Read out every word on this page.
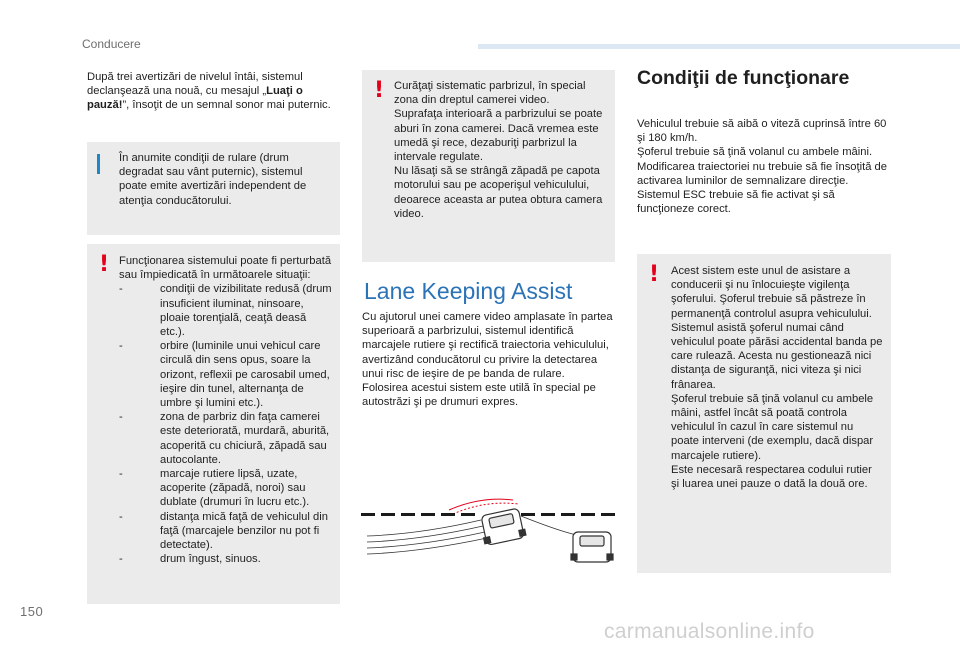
Conducere

După trei avertizări de nivelul întâi, sistemul declanşează una nouă, cu mesajul „Luaţi o pauză!”, însoţit de un semnal sonor mai puternic.

În anumite condiţii de rulare (drum degradat sau vânt puternic), sistemul poate emite avertizări independent de atenţia conducătorului.

! Funcţionarea sistemului poate fi perturbată sau împiedicată în următoarele situaţii:

-	condiţii de vizibilitate redusă (drum insuficient iluminat, ninsoare, ploaie torenţială, ceaţă deasă etc.).
-	orbire (luminile unui vehicul care circulă din sens opus, soare la orizont, reflexii pe carosabil umed, ieşire din tunel, alternanţa de umbre şi lumini etc.).
-	zona de parbriz din faţa camerei este deteriorată, murdară, aburită, acoperită cu chiciură, zăpadă sau autocolante.
-	marcaje rutiere lipsă, uzate, acoperite (zăpadă, noroi) sau dublate (drumuri în lucru etc.).
-	distanţa mică faţă de vehiculul din faţă (marcajele benzilor nu pot fi detectate).
-	drum îngust, sinuos.
! Curăţaţi sistematic parbrizul, în special zona din dreptul camerei video.
Suprafaţa interioară a parbrizului se poate aburi în zona camerei. Dacă vremea este umedă şi rece, dezaburiţi parbrizul la intervale regulate.
Nu lăsaţi să se strângă zăpadă pe capota motorului sau pe acoperişul vehiculului, deoarece aceasta ar putea obtura camera video.

Lane Keeping Assist

Cu ajutorul unei camere video amplasate în partea superioară a parbrizului, sistemul identifică marcajele rutiere şi rectifică traiectoria vehiculului, avertizând conducătorul cu privire la detectarea unui risc de ieşire de pe banda de rulare.
Folosirea acestui sistem este utilă în special pe autostrăzi şi pe drumuri expres.

Condiţii de funcţionare

Vehiculul trebuie să aibă o viteză cuprinsă între 60 şi 180 km/h.
Şoferul trebuie să ţină volanul cu ambele mâini.
Modificarea traiectoriei nu trebuie să fie însoţită de activarea luminilor de semnalizare direcţie.
Sistemul ESC trebuie să fie activat şi să funcţioneze corect.

! Acest sistem este unul de asistare a conducerii şi nu înlocuieşte vigilenţa şoferului. Şoferul trebuie să păstreze în permanenţă controlul asupra vehiculului. Sistemul asistă şoferul numai când vehiculul poate părăsi accidental banda pe care rulează. Acesta nu gestionează nici distanţa de siguranţă, nici viteza şi nici frânarea.
Şoferul trebuie să ţină volanul cu ambele mâini, astfel încât să poată controla vehiculul în cazul în care sistemul nu poate interveni (de exemplu, dacă dispar marcajele rutiere).
Este necesară respectarea codului rutier şi luarea unei pauze o dată la două ore.

150
carmanualsonline.info
